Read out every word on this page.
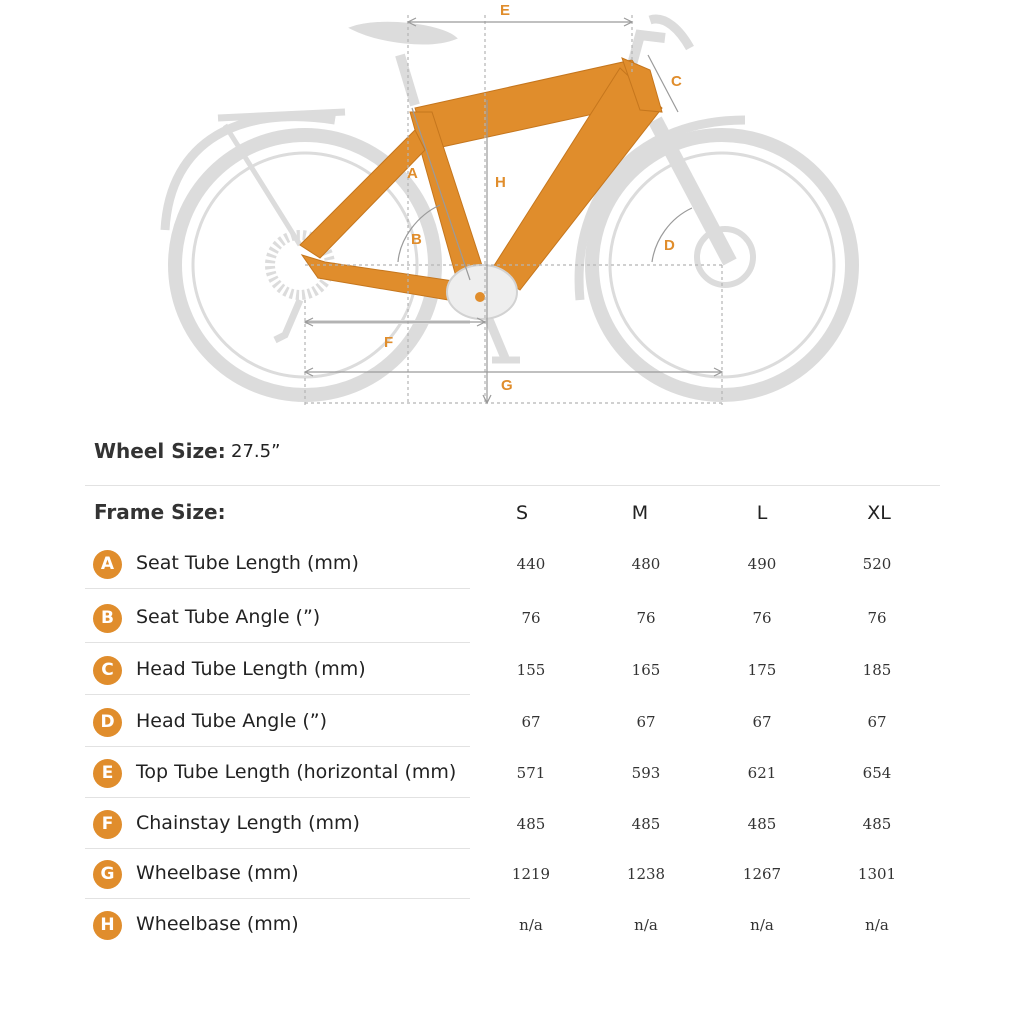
A
B
C
D
E
F
G
H
Wheel Size: 27.5”
Frame Size:	S	M	L	XL
A	Seat Tube Length (mm)	440	480	490	520
B	Seat Tube Angle (”)	76	76	76	76
C	Head Tube Length (mm)	155	165	175	185
D	Head Tube Angle (”)	67	67	67	67
E	Top Tube Length (horizontal (mm)	571	593	621	654
F	Chainstay Length (mm)	485	485	485	485
G	Wheelbase (mm)	1219	1238	1267	1301
H	Wheelbase (mm)	n/a	n/a	n/a	n/a
